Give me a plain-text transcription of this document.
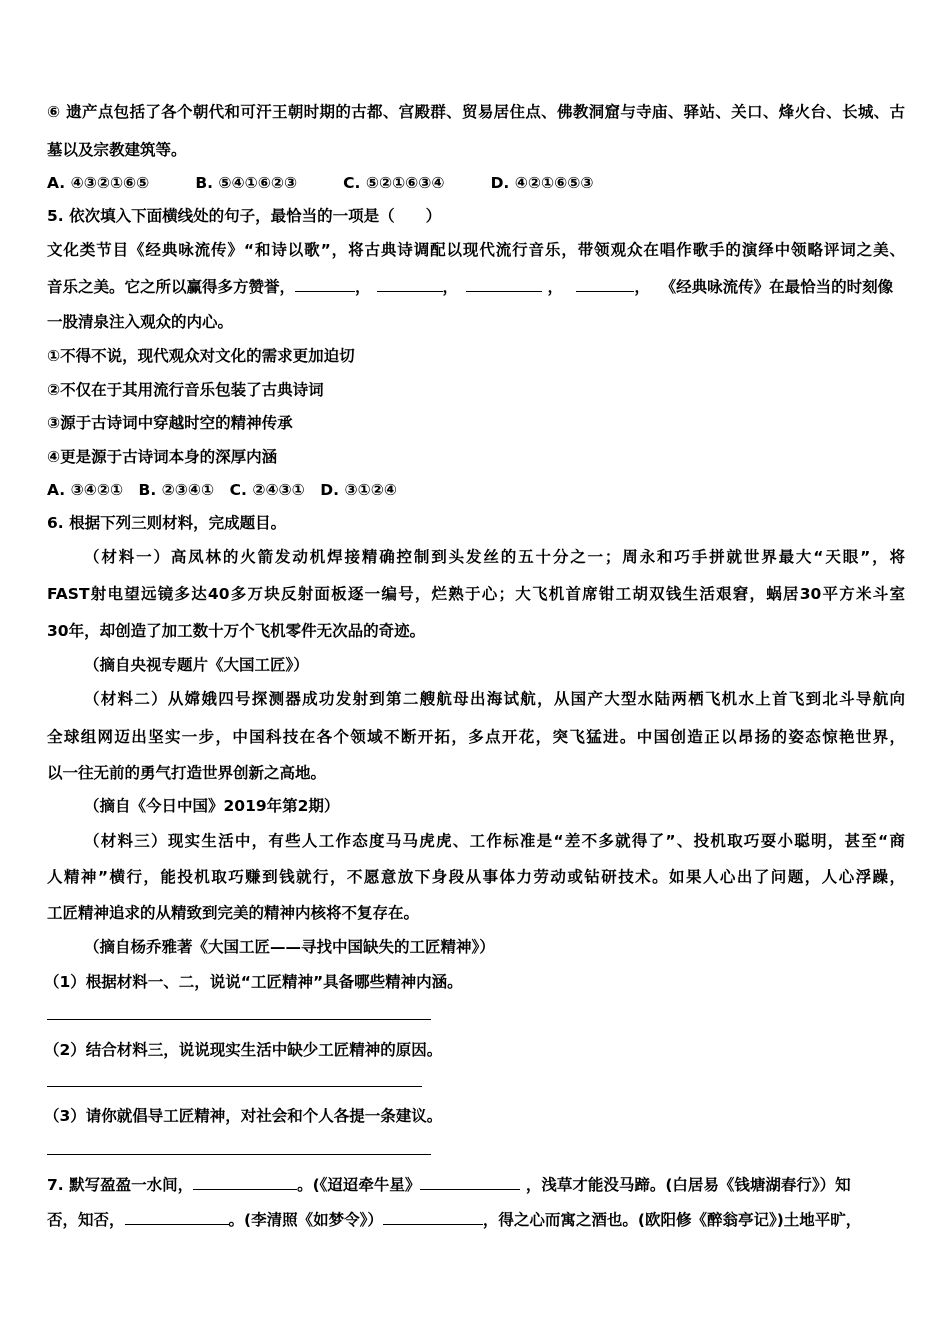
⑥ 遗产点包括了各个朝代和可汗王朝时期的古都、宫殿群、贸易居住点、佛教洞窟与寺庙、驿站、关口、烽火台、长城、古
墓以及宗教建筑等。
A. ④③②①⑥⑤	B. ⑤④①⑥②③	C. ⑤②①⑥③④	D. ④②①⑥⑤③
5. 依次填入下面横线处的句子，最恰当的一项是（　　）
文化类节目《经典咏流传》“和诗以歌”，将古典诗调配以现代流行音乐，带领观众在唱作歌手的演绎中领略评词之美、
音乐之美。它之所以赢得多方赞誉，	，	，	，	，  《经典咏流传》在最恰当的时刻像
一股清泉注入观众的内心。
①不得不说，现代观众对文化的需求更加迫切
②不仅在于其用流行音乐包装了古典诗词
③源于古诗词中穿越时空的精神传承
④更是源于古诗词本身的深厚内涵
A. ③④②①　B. ②③④①　C. ②④③①　D. ③①②④
6. 根据下列三则材料，完成题目。
（材料一）高凤林的火箭发动机焊接精确控制到头发丝的五十分之一；周永和巧手拼就世界最大“天眼”，将
FAST射电望远镜多达40多万块反射面板逐一编号，烂熟于心；大飞机首席钳工胡双钱生活艰窘，蜗居30平方米斗室
30年，却创造了加工数十万个飞机零件无次品的奇迹。
（摘自央视专题片《大国工匠》）
（材料二）从嫦娥四号探测器成功发射到第二艘航母出海试航，从国产大型水陆两栖飞机水上首飞到北斗导航向
全球组网迈出坚实一步，中国科技在各个领域不断开拓，多点开花，突飞猛进。中国创造正以昂扬的姿态惊艳世界，
以一往无前的勇气打造世界创新之高地。
（摘自《今日中国》2019年第2期）
（材料三）现实生活中，有些人工作态度马马虎虎、工作标准是“差不多就得了”、投机取巧耍小聪明，甚至“商
人精神”横行，能投机取巧赚到钱就行，不愿意放下身段从事体力劳动或钻研技术。如果人心出了问题，人心浮躁，
工匠精神追求的从精致到完美的精神内核将不复存在。
（摘自杨乔雅著《大国工匠——寻找中国缺失的工匠精神》）
（1）根据材料一、二，说说“工匠精神”具备哪些精神内涵。
（2）结合材料三，说说现实生活中缺少工匠精神的原因。
（3）请你就倡导工匠精神，对社会和个人各提一条建议。
7. 默写盈盈一水间，	。(《迢迢牵牛星》	，浅草才能没马蹄。(白居易《钱塘湖春行》）知
否，知否，	。(李清照《如梦令》）	，得之心而寓之酒也。(欧阳修《醉翁亭记》)土地平旷，
